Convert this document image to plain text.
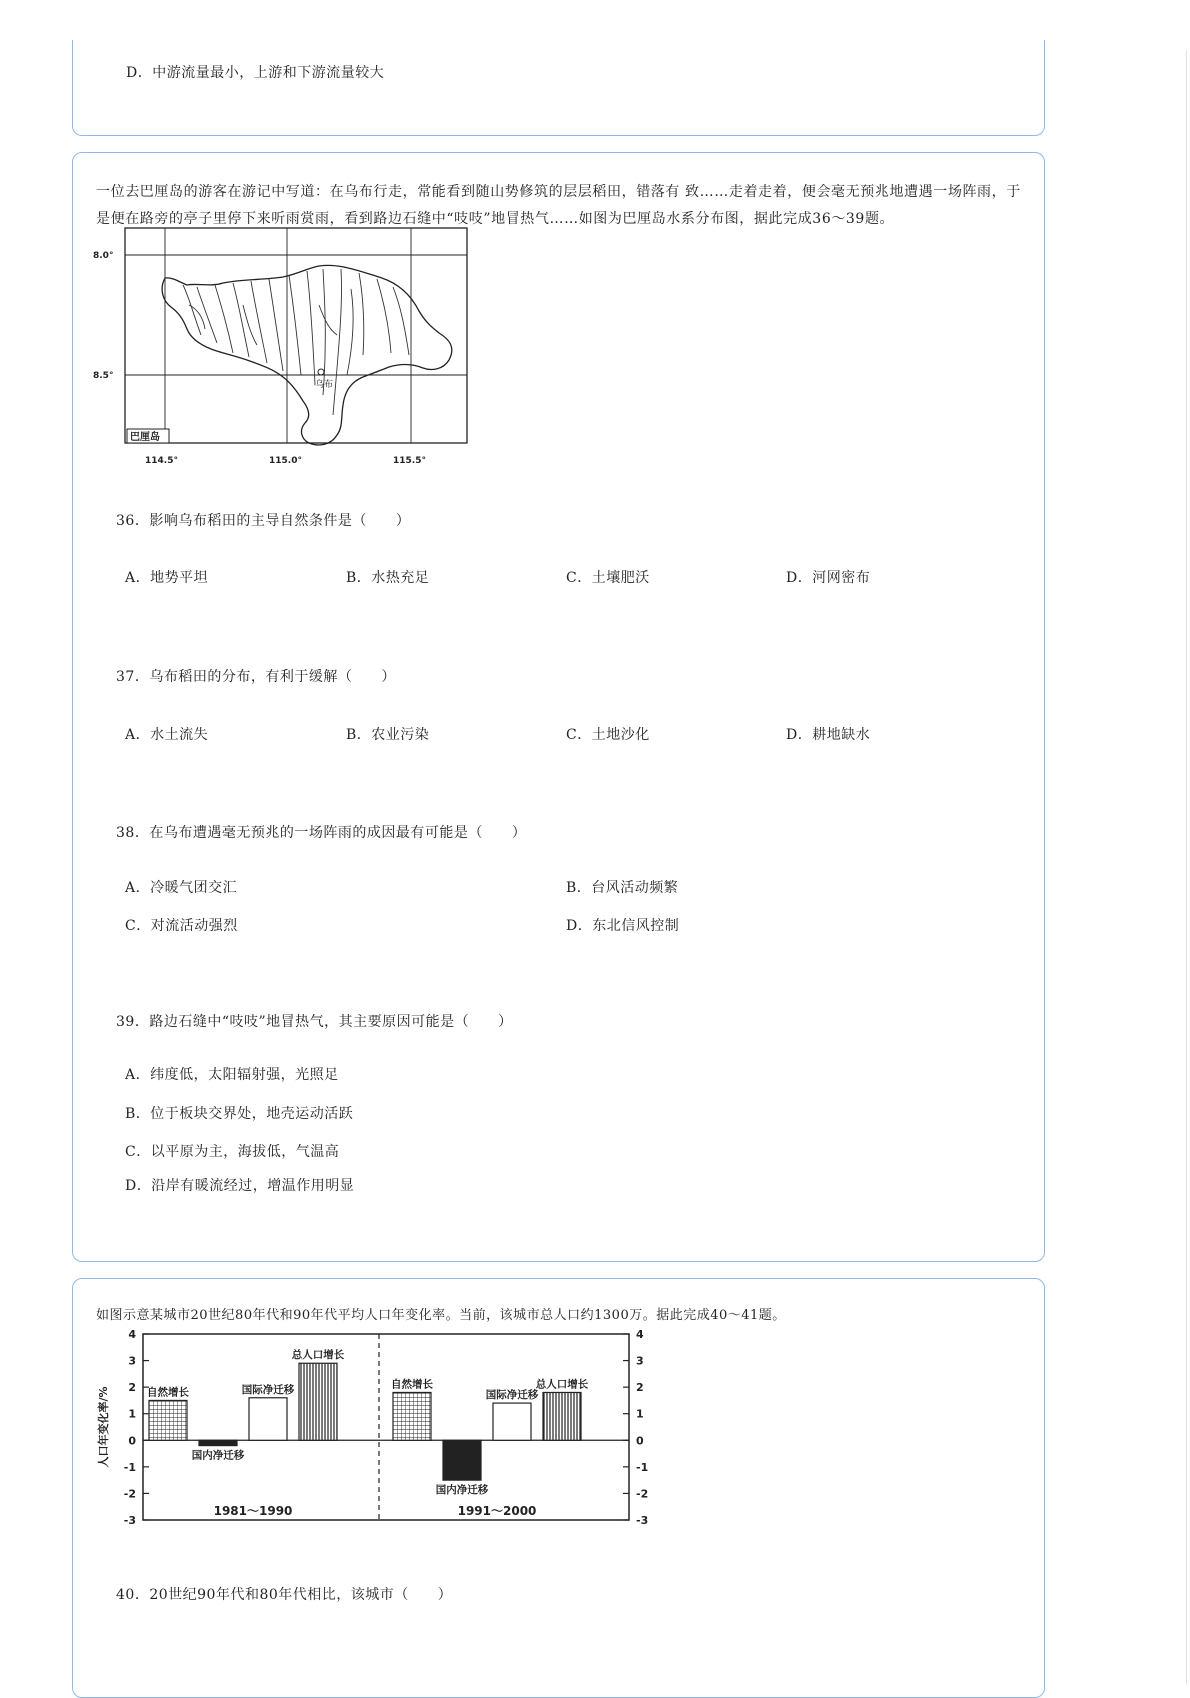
D．中游流量最小，上游和下游流量较大
一位去巴厘岛的游客在游记中写道：在乌布行走，常能看到随山势修筑的层层稻田，错落有 致……走着走着，便会毫无预兆地遭遇一场阵雨，于是便在路旁的亭子里停下来听雨赏雨，看到路边石缝中“吱吱”地冒热气……如图为巴厘岛水系分布图，据此完成36～39题。
乌布
8.0°
8.5°
114.5°	115.0°	115.5°
巴厘岛
36．影响乌布稻田的主导自然条件是（　　）
A．地势平坦	B．水热充足	C．土壤肥沃	D．河网密布
37．乌布稻田的分布，有利于缓解（　　）
A．水土流失	B．农业污染	C．土地沙化	D．耕地缺水
38．在乌布遭遇毫无预兆的一场阵雨的成因最有可能是（　　）
A．冷暖气团交汇	B．台风活动频繁
C．对流活动强烈	D．东北信风控制
39．路边石缝中“吱吱”地冒热气，其主要原因可能是（　　）
A．纬度低，太阳辐射强，光照足
B．位于板块交界处，地壳运动活跃
C．以平原为主，海拔低，气温高
D．沿岸有暖流经过，增温作用明显
如图示意某城市20世纪80年代和90年代平均人口年变化率。当前，该城市总人口约1300万。据此完成40～41题。
4
3
2
1
0
-1
-2
-3
4
3
2
1
0
-1
-2
-3
人口年变化率/%	自然增长
国内净迁移
国际净迁移
总人口增长
自然增长
国内净迁移
国际净迁移
总人口增长
1981～1990	1991～2000
40．20世纪90年代和80年代相比，该城市（　　）
